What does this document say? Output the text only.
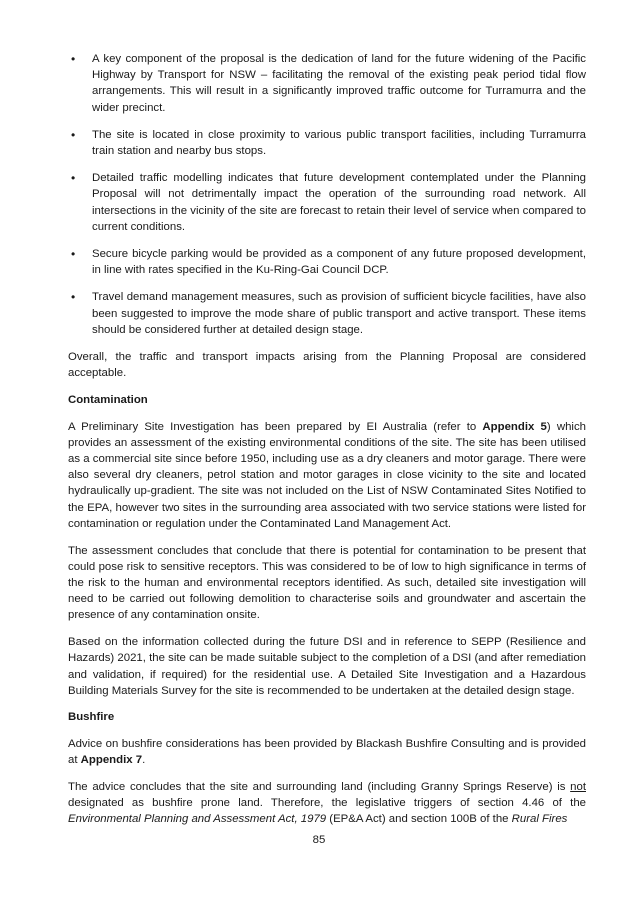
• A key component of the proposal is the dedication of land for the future widening of the Pacific Highway by Transport for NSW – facilitating the removal of the existing peak period tidal flow arrangements. This will result in a significantly improved traffic outcome for Turramurra and the wider precinct.
• The site is located in close proximity to various public transport facilities, including Turramurra train station and nearby bus stops.
• Detailed traffic modelling indicates that future development contemplated under the Planning Proposal will not detrimentally impact the operation of the surrounding road network. All intersections in the vicinity of the site are forecast to retain their level of service when compared to current conditions.
• Secure bicycle parking would be provided as a component of any future proposed development, in line with rates specified in the Ku-Ring-Gai Council DCP.
• Travel demand management measures, such as provision of sufficient bicycle facilities, have also been suggested to improve the mode share of public transport and active transport. These items should be considered further at detailed design stage.

Overall, the traffic and transport impacts arising from the Planning Proposal are considered acceptable.

Contamination

A Preliminary Site Investigation has been prepared by EI Australia (refer to Appendix 5) which provides an assessment of the existing environmental conditions of the site. The site has been utilised as a commercial site since before 1950, including use as a dry cleaners and motor garage. There were also several dry cleaners, petrol station and motor garages in close vicinity to the site and located hydraulically up-gradient. The site was not included on the List of NSW Contaminated Sites Notified to the EPA, however two sites in the surrounding area associated with two service stations were listed for contamination or regulation under the Contaminated Land Management Act.

The assessment concludes that conclude that there is potential for contamination to be present that could pose risk to sensitive receptors. This was considered to be of low to high significance in terms of the risk to the human and environmental receptors identified. As such, detailed site investigation will need to be carried out following demolition to characterise soils and groundwater and ascertain the presence of any contamination onsite.

Based on the information collected during the future DSI and in reference to SEPP (Resilience and Hazards) 2021, the site can be made suitable subject to the completion of a DSI (and after remediation and validation, if required) for the residential use. A Detailed Site Investigation and a Hazardous Building Materials Survey for the site is recommended to be undertaken at the detailed design stage.

Bushfire

Advice on bushfire considerations has been provided by Blackash Bushfire Consulting and is provided at Appendix 7.

The advice concludes that the site and surrounding land (including Granny Springs Reserve) is not designated as bushfire prone land. Therefore, the legislative triggers of section 4.46 of the Environmental Planning and Assessment Act, 1979 (EP&A Act) and section 100B of the Rural Fires

85
